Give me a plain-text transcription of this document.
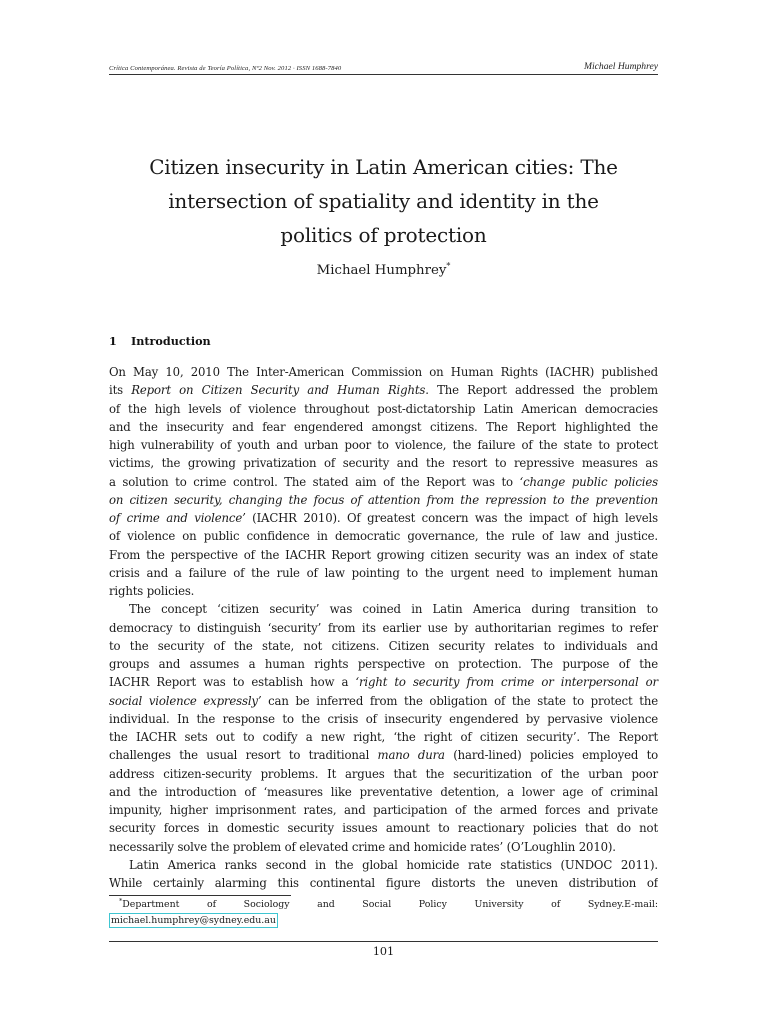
Crítica Contemporánea. Revista de Teoría Política, Nº2 Nov. 2012 · ISSN 1688-7840	Michael Humphrey
Citizen insecurity in Latin American cities: The
intersection of spatiality and identity in the
politics of protection
Michael Humphrey*
1 Introduction
On May 10, 2010 The Inter-American Commission on Human Rights (IACHR) published
its Report on Citizen Security and Human Rights. The Report addressed the problem
of the high levels of violence throughout post-dictatorship Latin American democracies
and the insecurity and fear engendered amongst citizens. The Report highlighted the
high vulnerability of youth and urban poor to violence, the failure of the state to protect
victims, the growing privatization of security and the resort to repressive measures as
a solution to crime control. The stated aim of the Report was to ‘change public policies
on citizen security, changing the focus of attention from the repression to the prevention
of crime and violence’ (IACHR 2010). Of greatest concern was the impact of high levels
of violence on public confidence in democratic governance, the rule of law and justice.
From the perspective of the IACHR Report growing citizen security was an index of state
crisis and a failure of the rule of law pointing to the urgent need to implement human
rights policies.
The concept ‘citizen security’ was coined in Latin America during transition to
democracy to distinguish ‘security’ from its earlier use by authoritarian regimes to refer
to the security of the state, not citizens. Citizen security relates to individuals and
groups and assumes a human rights perspective on protection. The purpose of the
IACHR Report was to establish how a ‘right to security from crime or interpersonal or
social violence expressly’ can be inferred from the obligation of the state to protect the
individual. In the response to the crisis of insecurity engendered by pervasive violence
the IACHR sets out to codify a new right, ‘the right of citizen security’. The Report
challenges the usual resort to traditional mano dura (hard-lined) policies employed to
address citizen-security problems. It argues that the securitization of the urban poor
and the introduction of ‘measures like preventative detention, a lower age of criminal
impunity, higher imprisonment rates, and participation of the armed forces and private
security forces in domestic security issues amount to reactionary policies that do not
necessarily solve the problem of elevated crime and homicide rates’ (O’Loughlin 2010).
Latin America ranks second in the global homicide rate statistics (UNDOC 2011).
While certainly alarming this continental figure distorts the uneven distribution of
*Department of Sociology and Social Policy University of Sydney.E-mail:
michael.humphrey@sydney.edu.au
101
